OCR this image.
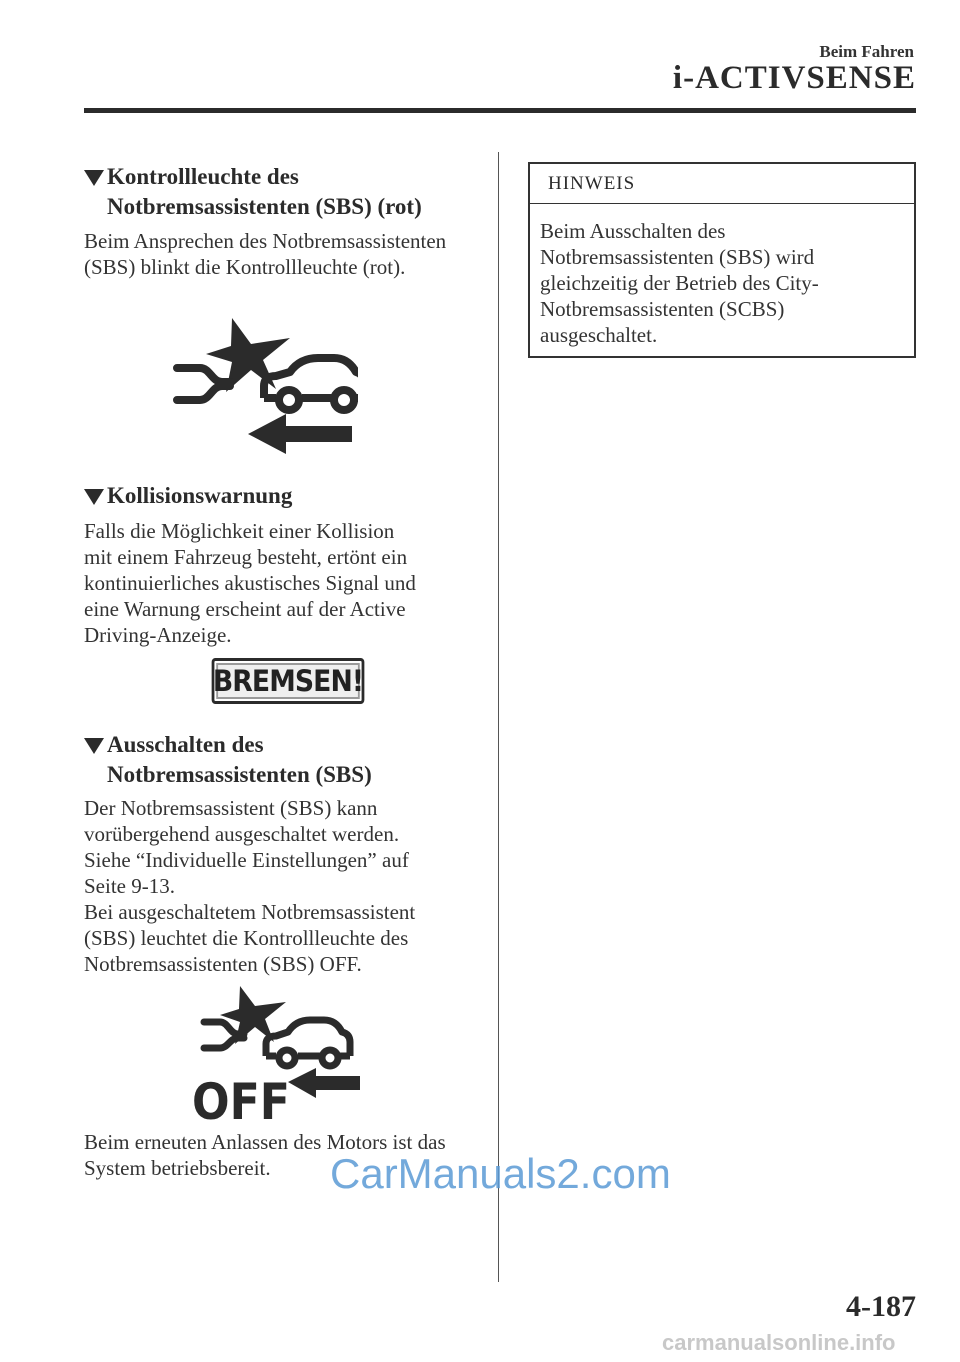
Beim Fahren
i-ACTIVSENSE
Kontrollleuchte des
Notbremsassistenten (SBS) (rot)
Beim Ansprechen des Notbremsassistenten
(SBS) blinkt die Kontrollleuchte (rot).
Kollisionswarnung
Falls die Möglichkeit einer Kollision
mit einem Fahrzeug besteht, ertönt ein
kontinuierliches akustisches Signal und
eine Warnung erscheint auf der Active
Driving-Anzeige.
BREMSEN!
Ausschalten des
Notbremsassistenten (SBS)
Der Notbremsassistent (SBS) kann
vorübergehend ausgeschaltet werden.
Siehe “Individuelle Einstellungen” auf
Seite 9-13.
Bei ausgeschaltetem Notbremsassistent
(SBS) leuchtet die Kontrollleuchte des
Notbremsassistenten (SBS) OFF.
OFF
Beim erneuten Anlassen des Motors ist das
System betriebsbereit.
HINWEIS
Beim Ausschalten des
Notbremsassistenten (SBS) wird
gleichzeitig der Betrieb des City-
Notbremsassistenten (SCBS)
ausgeschaltet.
4-187
CarManuals2.com
carmanualsonline.info
